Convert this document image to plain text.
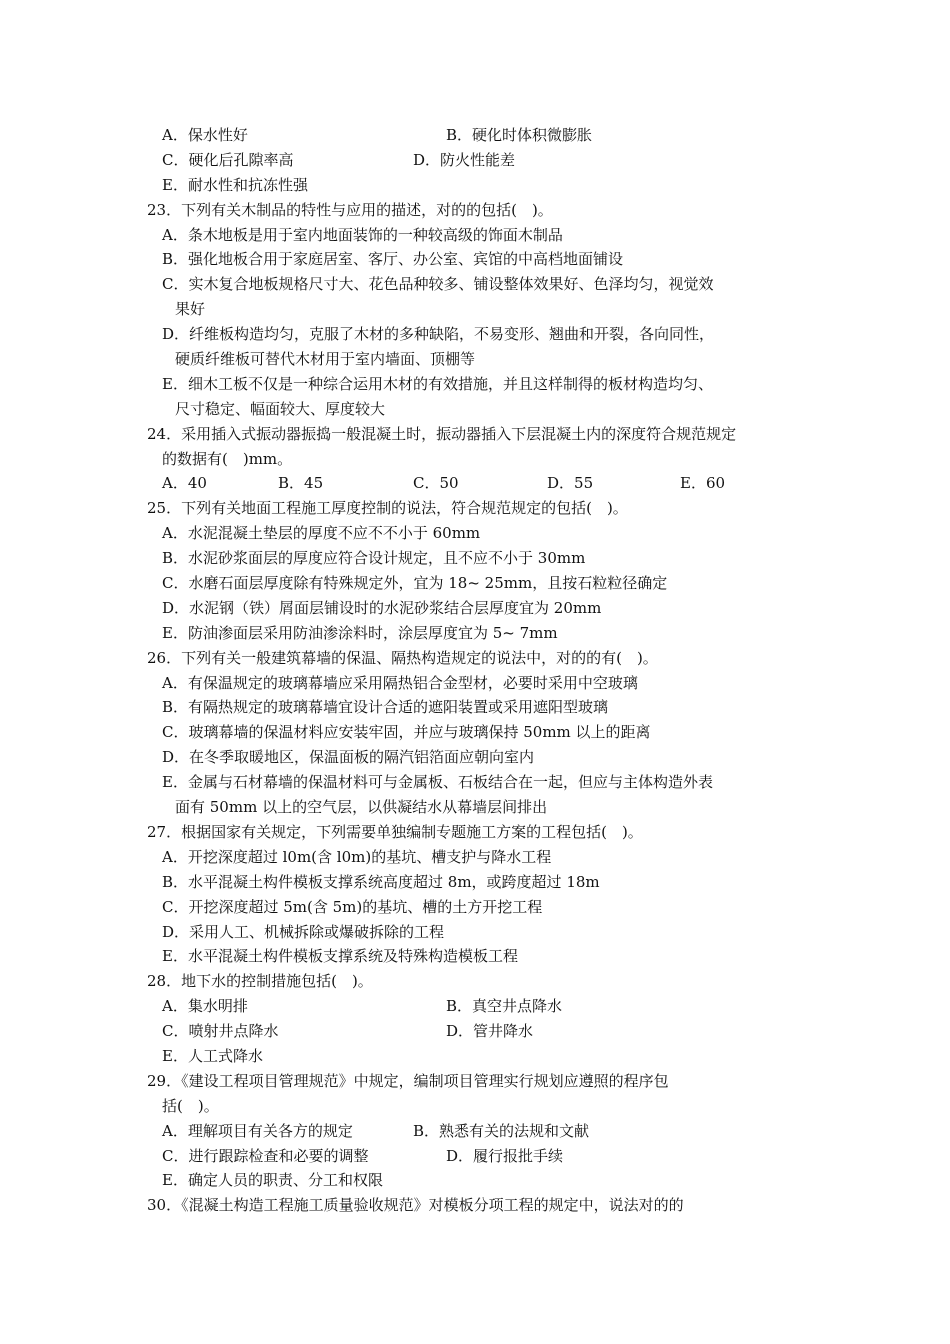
A．保水性好	B．硬化时体积微膨胀
C．硬化后孔隙率高	D．防火性能差
E．耐水性和抗冻性强
23．下列有关木制品的特性与应用的描述，对的的包括(　)。
A．条木地板是用于室内地面装饰的一种较高级的饰面木制品
B．强化地板合用于家庭居室、客厅、办公室、宾馆的中高档地面铺设
C．实木复合地板规格尺寸大、花色品种较多、铺设整体效果好、色泽均匀，视觉效
果好
D．纤维板构造均匀，克服了木材的多种缺陷，不易变形、翘曲和开裂，各向同性，
硬质纤维板可替代木材用于室内墙面、顶棚等
E．细木工板不仅是一种综合运用木材的有效措施，并且这样制得的板材构造均匀、
尺寸稳定、幅面较大、厚度较大
24．采用插入式振动器振捣一般混凝土时，振动器插入下层混凝土内的深度符合规范规定
的数据有(　)mm。
A．40	B．45	C．50	D．55	E．60
25．下列有关地面工程施工厚度控制的说法，符合规范规定的包括(　)。
A．水泥混凝土垫层的厚度不应不不小于 60mm
B．水泥砂浆面层的厚度应符合设计规定，且不应不小于 30mm
C．水磨石面层厚度除有特殊规定外，宜为 18~ 25mm，且按石粒粒径确定
D．水泥钢（铁）屑面层铺设时的水泥砂浆结合层厚度宜为 20mm
E．防油渗面层采用防油渗涂料时，涂层厚度宜为 5~ 7mm
26．下列有关一般建筑幕墙的保温、隔热构造规定的说法中，对的的有(　)。
A．有保温规定的玻璃幕墙应采用隔热铝合金型材，必要时采用中空玻璃
B．有隔热规定的玻璃幕墙宜设计合适的遮阳装置或采用遮阳型玻璃
C．玻璃幕墙的保温材料应安装牢固，并应与玻璃保持 50mm 以上的距离
D．在冬季取暖地区，保温面板的隔汽铝箔面应朝向室内
E．金属与石材幕墙的保温材料可与金属板、石板结合在一起，但应与主体构造外表
面有 50mm 以上的空气层，以供凝结水从幕墙层间排出
27．根据国家有关规定，下列需要单独编制专题施工方案的工程包括(　)。
A．开挖深度超过 l0m(含 l0m)的基坑、槽支护与降水工程
B．水平混凝土构件模板支撑系统高度超过 8m，或跨度超过 18m
C．开挖深度超过 5m(含 5m)的基坑、槽的土方开挖工程
D．采用人工、机械拆除或爆破拆除的工程
E．水平混凝土构件模板支撑系统及特殊构造模板工程
28．地下水的控制措施包括(　)。
A．集水明排	B．真空井点降水
C．喷射井点降水	D．管井降水
E．人工式降水
29．《建设工程项目管理规范》中规定，编制项目管理实行规划应遵照的程序包
括(　)。
A．理解项目有关各方的规定	B．熟悉有关的法规和文献
C．进行跟踪检查和必要的调整	D．履行报批手续
E．确定人员的职责、分工和权限
30．《混凝土构造工程施工质量验收规范》对模板分项工程的规定中，说法对的的
